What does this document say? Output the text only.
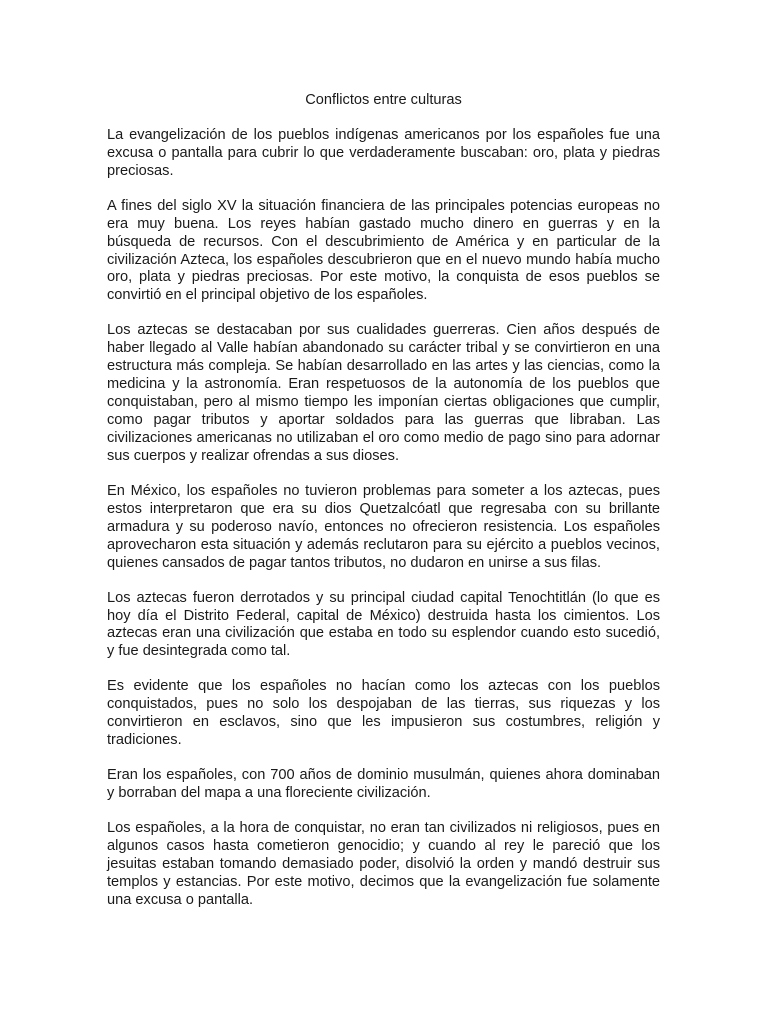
Conflictos entre culturas

La evangelización de los pueblos indígenas americanos por los españoles fue una excusa o pantalla para cubrir lo que verdaderamente buscaban: oro, plata y piedras preciosas.

A fines del siglo XV la situación financiera de las principales potencias europeas no era muy buena. Los reyes habían gastado mucho dinero en guerras y en la búsqueda de recursos. Con el descubrimiento de América y en particular de la civilización Azteca, los españoles descubrieron que en el nuevo mundo había mucho oro, plata y piedras preciosas. Por este motivo, la conquista de esos pueblos se convirtió en el principal objetivo de los españoles.

Los aztecas se destacaban por sus cualidades guerreras. Cien años después de haber llegado al Valle habían abandonado su carácter tribal y se convirtieron en una estructura más compleja. Se habían desarrollado en las artes y las ciencias, como la medicina y la astronomía. Eran respetuosos de la autonomía de los pueblos que conquistaban, pero al mismo tiempo les imponían ciertas obligaciones que cumplir, como pagar tributos y aportar soldados para las guerras que libraban. Las civilizaciones americanas no utilizaban el oro como medio de pago sino para adornar sus cuerpos y realizar ofrendas a sus dioses.

En México, los españoles no tuvieron problemas para someter a los aztecas, pues estos interpretaron que era su dios Quetzalcóatl que regresaba con su brillante armadura y su poderoso navío, entonces no ofrecieron resistencia. Los españoles aprovecharon esta situación y además reclutaron para su ejército a pueblos vecinos, quienes cansados de pagar tantos tributos, no dudaron en unirse a sus filas.

Los aztecas fueron derrotados y su principal ciudad capital Tenochtitlán (lo que es hoy día el Distrito Federal, capital de México) destruida hasta los cimientos. Los aztecas eran una civilización que estaba en todo su esplendor cuando esto sucedió, y fue desintegrada como tal.

Es evidente que los españoles no hacían como los aztecas con los pueblos conquistados, pues no solo los despojaban de las tierras, sus riquezas y los convirtieron en esclavos, sino que les impusieron sus costumbres, religión y tradiciones.

Eran los españoles, con 700 años de dominio musulmán, quienes ahora dominaban y borraban del mapa a una floreciente civilización.

Los españoles, a la hora de conquistar, no eran tan civilizados ni religiosos, pues en algunos casos hasta cometieron genocidio; y cuando al rey le pareció que los jesuitas estaban tomando demasiado poder, disolvió la orden y mandó destruir sus templos y estancias. Por este motivo, decimos que la evangelización fue solamente una excusa o pantalla.
